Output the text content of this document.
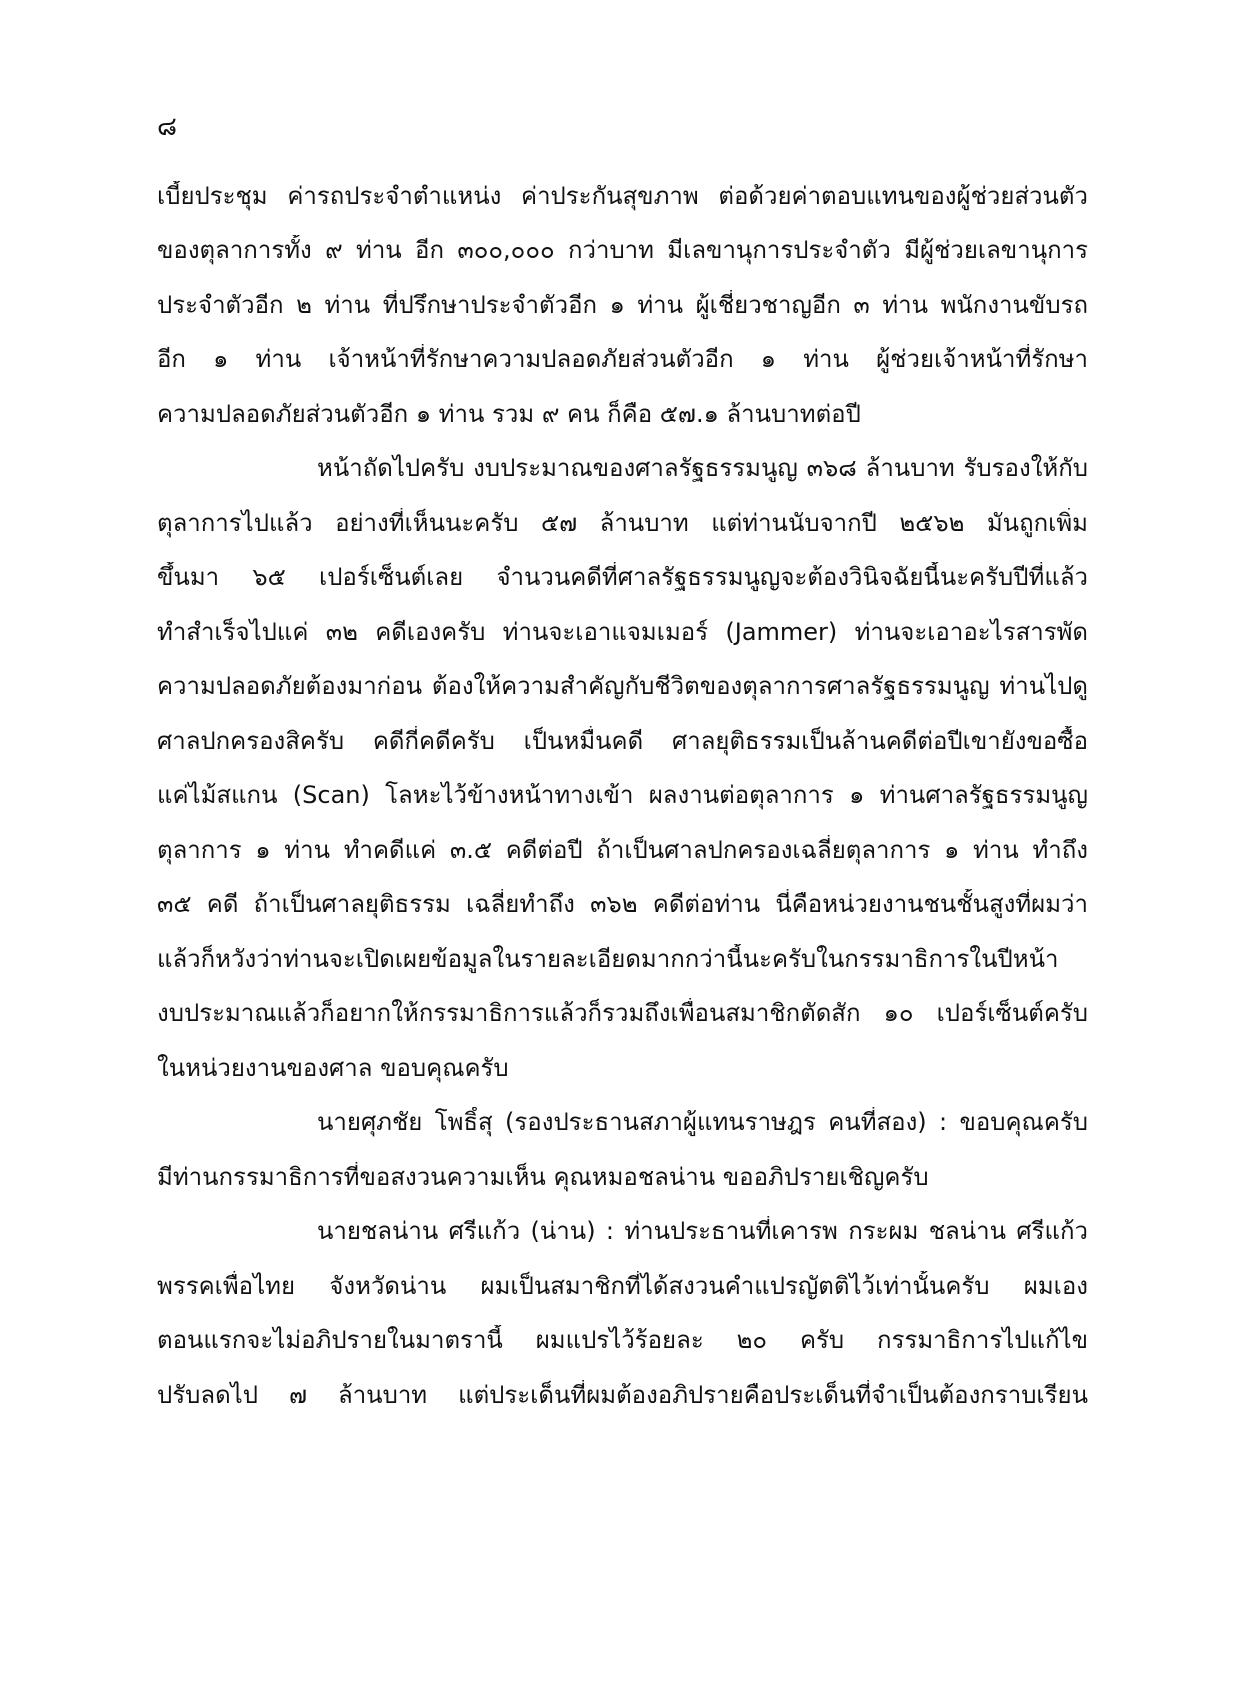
๘
เบี้ยประชุม ค่ารถประจำตำแหน่ง ค่าประกันสุขภาพ ต่อด้วยค่าตอบแทนของผู้ช่วยส่วนตัว
ของตุลาการทั้ง ๙ ท่าน อีก ๓๐๐,๐๐๐ กว่าบาท มีเลขานุการประจำตัว มีผู้ช่วยเลขานุการ
ประจำตัวอีก ๒ ท่าน ที่ปรึกษาประจำตัวอีก ๑ ท่าน ผู้เชี่ยวชาญอีก ๓ ท่าน พนักงานขับรถ
อีก ๑ ท่าน เจ้าหน้าที่รักษาความปลอดภัยส่วนตัวอีก ๑ ท่าน ผู้ช่วยเจ้าหน้าที่รักษา
ความปลอดภัยส่วนตัวอีก ๑ ท่าน รวม ๙ คน ก็คือ ๕๗.๑ ล้านบาทต่อปี
หน้าถัดไปครับ งบประมาณของศาลรัฐธรรมนูญ ๓๖๘ ล้านบาท รับรองให้กับ
ตุลาการไปแล้ว อย่างที่เห็นนะครับ ๕๗ ล้านบาท แต่ท่านนับจากปี ๒๕๖๒ มันถูกเพิ่ม
ขึ้นมา ๖๕ เปอร์เซ็นต์เลย จำนวนคดีที่ศาลรัฐธรรมนูญจะต้องวินิจฉัยนี้นะครับปีที่แล้ว
ทำสำเร็จไปแค่ ๓๒ คดีเองครับ ท่านจะเอาแจมเมอร์ (Jammer) ท่านจะเอาอะไรสารพัด
ความปลอดภัยต้องมาก่อน ต้องให้ความสำคัญกับชีวิตของตุลาการศาลรัฐธรรมนูญ ท่านไปดู
ศาลปกครองสิครับ คดีกี่คดีครับ เป็นหมื่นคดี ศาลยุติธรรมเป็นล้านคดีต่อปีเขายังขอซื้อ
แค่ไม้สแกน (Scan) โลหะไว้ข้างหน้าทางเข้า ผลงานต่อตุลาการ ๑ ท่านศาลรัฐธรรมนูญ
ตุลาการ ๑ ท่าน ทำคดีแค่ ๓.๕ คดีต่อปี ถ้าเป็นศาลปกครองเฉลี่ยตุลาการ ๑ ท่าน ทำถึง
๓๕ คดี ถ้าเป็นศาลยุติธรรม เฉลี่ยทำถึง ๓๖๒ คดีต่อท่าน นี่คือหน่วยงานชนชั้นสูงที่ผมว่า
แล้วก็หวังว่าท่านจะเปิดเผยข้อมูลในรายละเอียดมากกว่านี้นะครับในกรรมาธิการในปีหน้า
งบประมาณแล้วก็อยากให้กรรมาธิการแล้วก็รวมถึงเพื่อนสมาชิกตัดสัก ๑๐ เปอร์เซ็นต์ครับ
ในหน่วยงานของศาล ขอบคุณครับ
นายศุภชัย โพธิ์สุ (รองประธานสภาผู้แทนราษฎร คนที่สอง) : ขอบคุณครับ
มีท่านกรรมาธิการที่ขอสงวนความเห็น คุณหมอชลน่าน ขออภิปรายเชิญครับ
นายชลน่าน ศรีแก้ว (น่าน) : ท่านประธานที่เคารพ กระผม ชลน่าน ศรีแก้ว
พรรคเพื่อไทย จังหวัดน่าน ผมเป็นสมาชิกที่ได้สงวนคำแปรญัตติไว้เท่านั้นครับ ผมเอง
ตอนแรกจะไม่อภิปรายในมาตรานี้ ผมแปรไว้ร้อยละ ๒๐ ครับ กรรมาธิการไปแก้ไข
ปรับลดไป ๗ ล้านบาท แต่ประเด็นที่ผมต้องอภิปรายคือประเด็นที่จำเป็นต้องกราบเรียน
